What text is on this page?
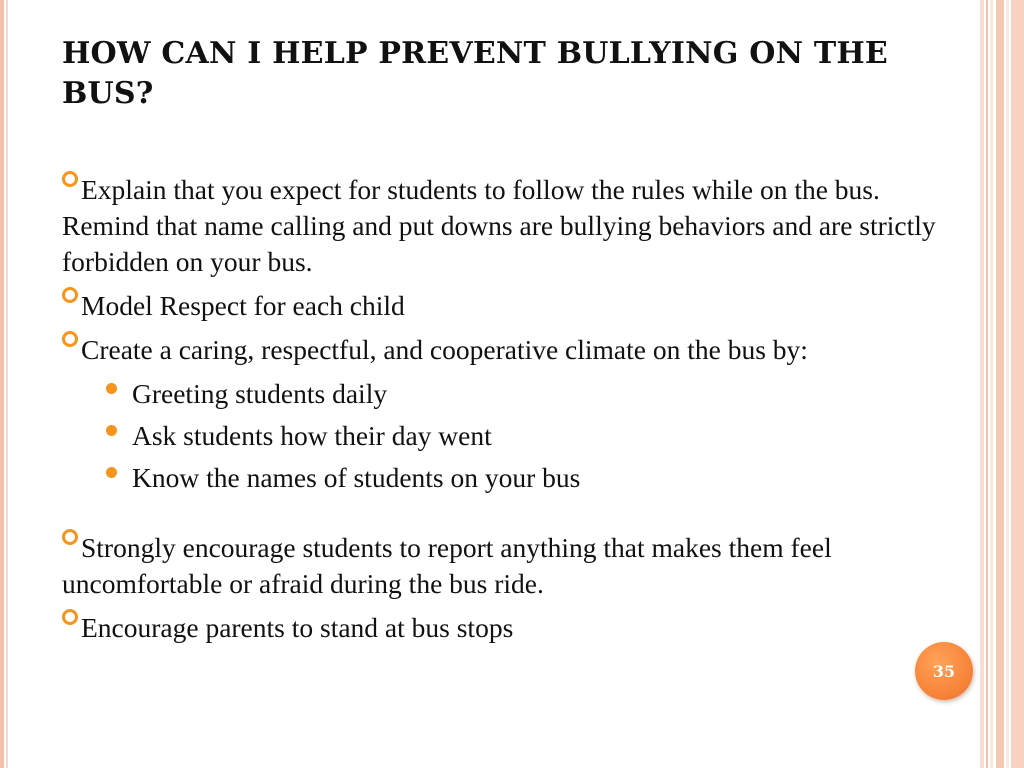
HOW CAN I HELP PREVENT BULLYING ON THE BUS?

Explain that you expect for students to follow the rules while on the bus. Remind that name calling and put downs are bullying behaviors and are strictly forbidden on your bus.

Model Respect for each child

Create a caring, respectful, and cooperative climate on the bus by:

Greeting students daily

Ask students how their day went

Know the names of students on your bus

Strongly encourage students to report anything that makes them feel uncomfortable or afraid during the bus ride.

Encourage parents to stand at bus stops

35
